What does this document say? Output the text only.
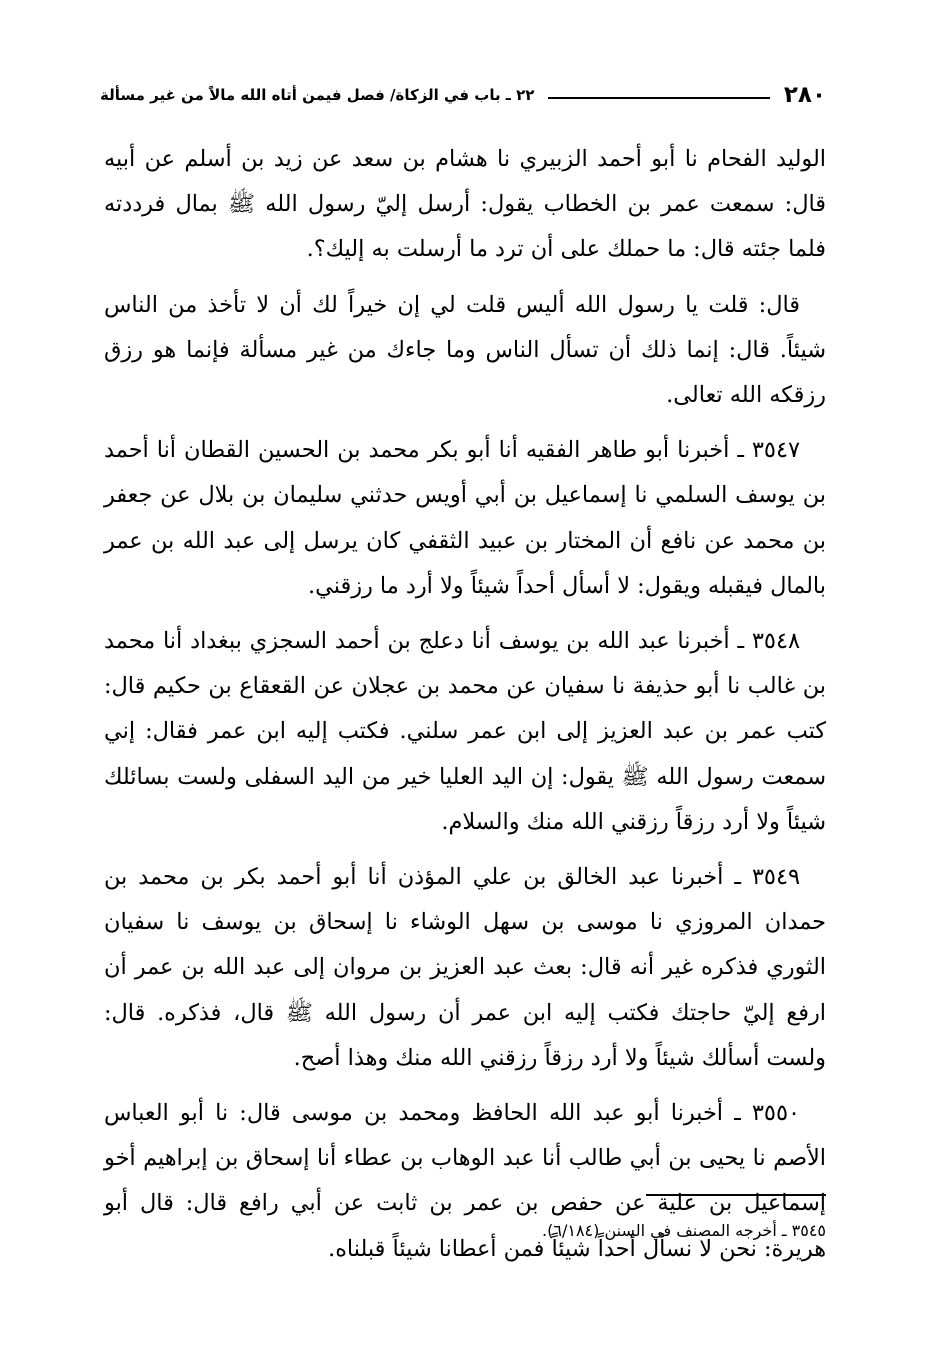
٢٨٠
٢٢ ـ باب في الزكاة/ فصل فيمن أتاه الله مالاً من غير مسألة

الوليد الفحام نا أبو أحمد الزبيري نا هشام بن سعد عن زيد بن أسلم عن أبيه قال: سمعت عمر بن الخطاب يقول: أرسل إليّ رسول الله ﷺ بمال فرددته فلما جئته قال: ما حملك على أن ترد ما أرسلت به إليك؟.

قال: قلت يا رسول الله أليس قلت لي إن خيراً لك أن لا تأخذ من الناس شيئاً. قال: إنما ذلك أن تسأل الناس وما جاءك من غير مسألة فإنما هو رزق رزقكه الله تعالى.

٣٥٤٧ ـ أخبرنا أبو طاهر الفقيه أنا أبو بكر محمد بن الحسين القطان أنا أحمد بن يوسف السلمي نا إسماعيل بن أبي أويس حدثني سليمان بن بلال عن جعفر بن محمد عن نافع أن المختار بن عبيد الثقفي كان يرسل إلى عبد الله بن عمر بالمال فيقبله ويقول: لا أسأل أحداً شيئاً ولا أرد ما رزقني.

٣٥٤٨ ـ أخبرنا عبد الله بن يوسف أنا دعلج بن أحمد السجزي ببغداد أنا محمد بن غالب نا أبو حذيفة نا سفيان عن محمد بن عجلان عن القعقاع بن حكيم قال: كتب عمر بن عبد العزيز إلى ابن عمر سلني. فكتب إليه ابن عمر فقال: إني سمعت رسول الله ﷺ يقول: إن اليد العليا خير من اليد السفلى ولست بسائلك شيئاً ولا أرد رزقاً رزقني الله منك والسلام.

٣٥٤٩ ـ أخبرنا عبد الخالق بن علي المؤذن أنا أبو أحمد بكر بن محمد بن حمدان المروزي نا موسى بن سهل الوشاء نا إسحاق بن يوسف نا سفيان الثوري فذكره غير أنه قال: بعث عبد العزيز بن مروان إلى عبد الله بن عمر أن ارفع إليّ حاجتك فكتب إليه ابن عمر أن رسول الله ﷺ قال، فذكره. قال: ولست أسألك شيئاً ولا أرد رزقاً رزقني الله منك وهذا أصح.

٣٥٥٠ ـ أخبرنا أبو عبد الله الحافظ ومحمد بن موسى قال: نا أبو العباس الأصم نا يحيى بن أبي طالب أنا عبد الوهاب بن عطاء أنا إسحاق بن إبراهيم أخو إسماعيل بن علية عن حفص بن عمر بن ثابت عن أبي رافع قال: قال أبو هريرة: نحن لا نسأل أحداً شيئاً فمن أعطانا شيئاً قبلناه.

٣٥٤٥ ـ أخرجه المصنف في السنن (٦/١٨٤).
